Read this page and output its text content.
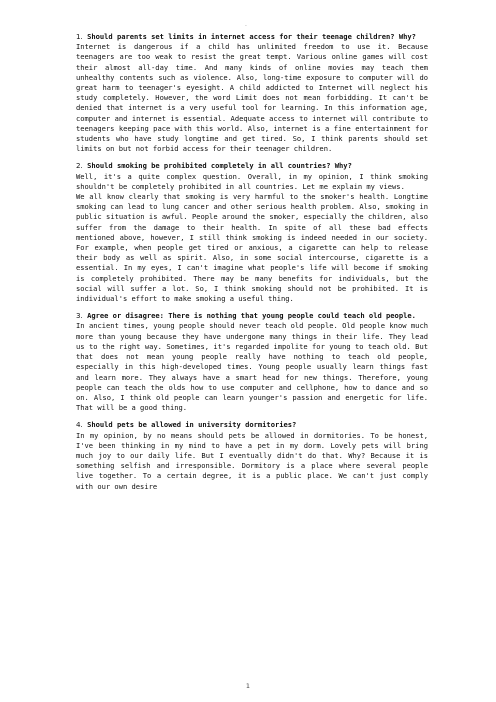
.

1. Should parents set limits in internet access for their teenage children? Why?

Internet is dangerous if a child has unlimited freedom to use it. Because teenagers are too weak to resist the great tempt. Various online games will cost their almost all-day time. And many kinds of online movies may teach them unhealthy contents such as violence. Also, long-time exposure to computer will do great harm to teenager's eyesight. A child addicted to Internet will neglect his study completely. However, the word Limit does not mean forbidding. It can't be denied that internet is a very useful tool for learning. In this information age, computer and internet is essential. Adequate access to internet will contribute to teenagers keeping pace with this world. Also, internet is a fine entertainment for students who have study longtime and get tired. So, I think parents should set limits on but not forbid access for their teenager children.

2. Should smoking be prohibited completely in all countries? Why?

Well, it's a quite complex question. Overall, in my opinion, I think smoking shouldn't be completely prohibited in all countries. Let me explain my views.

We all know clearly that smoking is very harmful to the smoker's health. Longtime smoking can lead to lung cancer and other serious health problem. Also, smoking in public situation is awful. People around the smoker, especially the children, also suffer from the damage to their health. In spite of all these bad effects mentioned above, however, I still think smoking is indeed needed in our society. For example, when people get tired or anxious, a cigarette can help to release their body as well as spirit. Also, in some social intercourse, cigarette is a essential. In my eyes, I can't imagine what people's life will become if smoking is completely prohibited. There may be many benefits for individuals, but the social will suffer a lot. So, I think smoking should not be prohibited. It is individual's effort to make smoking a useful thing.

3. Agree or disagree: There is nothing that young people could teach old people.

In ancient times, young people should never teach old people. Old people know much more than young because they have undergone many things in their life. They lead us to the right way. Sometimes, it's regarded impolite for young to teach old. But that does not mean young people really have nothing to teach old people, especially in this high-developed times. Young people usually learn things fast and learn more. They always have a smart head for new things. Therefore, young people can teach the olds how to use computer and cellphone, how to dance and so on. Also, I think old people can learn younger's passion and energetic for life. That will be a good thing.

4. Should pets be allowed in university dormitories?

In my opinion, by no means should pets be allowed in dormitories. To be honest, I've been thinking in my mind to have a pet in my dorm. Lovely pets will bring much joy to our daily life. But I eventually didn't do that. Why? Because it is something selfish and irresponsible. Dormitory is a place where several people live together. To a certain degree, it is a public place. We can't just comply with our own desire

1
